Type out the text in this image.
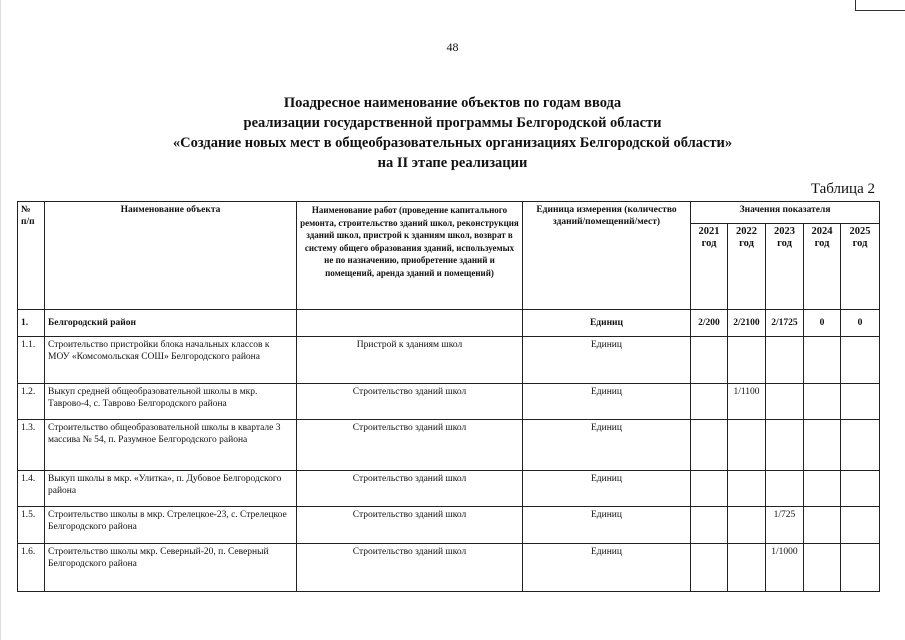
48
Поадресное наименование объектов по годам ввода
реализации государственной программы Белгородской области
«Создание новых мест в общеобразовательных организациях Белгородской области»
на II этапе реализации
Таблица 2
№ п/п	Наименование объекта	Наименование работ (проведение капитального ремонта, строительство зданий школ, реконструкция зданий школ, пристрой к зданиям школ, возврат в систему общего образования зданий, используемых не по назначению, приобретение зданий и помещений, аренда зданий и помещений)	Единица измерения (количество зданий/помещений/мест)	Значения показателя				
				2021 год	2022 год	2023 год	2024 год	2025 год
1.	Белгородский район		Единиц	2/200	2/2100	2/1725	0	0
1.1.	Строительство пристройки блока начальных классов к МОУ «Комсомольская СОШ» Белгородского района	Пристрой к зданиям школ	Единиц					
1.2.	Выкуп средней общеобразовательной школы в мкр. Таврово-4, с. Таврово Белгородского района	Строительство зданий школ	Единиц		1/1100			
1.3.	Строительство общеобразовательной школы в квартале 3 массива № 54, п. Разумное Белгородского района	Строительство зданий школ	Единиц					
1.4.	Выкуп школы в мкр. «Улитка», п. Дубовое Белгородского района	Строительство зданий школ	Единиц					
1.5.	Строительство школы в мкр. Стрелецкое-23, с. Стрелецкое Белгородского района	Строительство зданий школ	Единиц			1/725		
1.6.	Строительство школы мкр. Северный-20, п. Северный Белгородского района	Строительство зданий школ	Единиц			1/1000		
